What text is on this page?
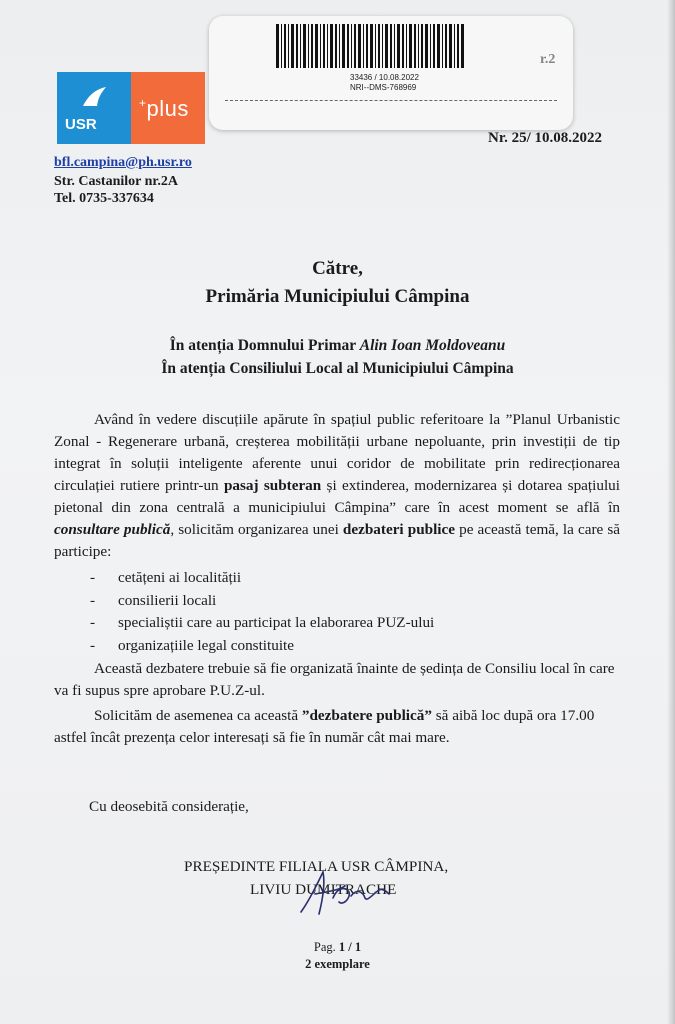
USR
+plus
bfl.campina@ph.usr.ro
Str. Castanilor nr.2A
Tel. 0735-337634
33436 / 10.08.2022
NRI--DMS-768969
r.2
Nr. 25/ 10.08.2022
Către,
Primăria Municipiului Câmpina
În atenția Domnului Primar Alin Ioan Moldoveanu
În atenția Consiliului Local al Municipiului Câmpina
Având în vedere discuțiile apărute în spațiul public referitoare la ”Planul Urbanistic Zonal - Regenerare urbană, creșterea mobilității urbane nepoluante, prin investiții de tip integrat în soluții inteligente aferente unui coridor de mobilitate prin redirecționarea circulației rutiere printr-un pasaj subteran și extinderea, modernizarea și dotarea spațiului pietonal din zona centrală a municipiului Câmpina” care în acest moment se află în consultare publică, solicităm organizarea unei dezbateri publice pe această temă, la care să participe:
- cetățeni ai localității
- consilierii locali
- specialiștii care au participat la elaborarea PUZ-ului
- organizațiile legal constituite
Această dezbatere trebuie să fie organizată înainte de ședința de Consiliu local în care va fi supus spre aprobare P.U.Z-ul.
Solicităm de asemenea ca această ”dezbatere publică” să aibă loc după ora 17.00 astfel încât prezența celor interesați să fie în număr cât mai mare.
Cu deosebită considerație,
PREȘEDINTE FILIALA USR CÂMPINA,
LIVIU DUMITRACHE
Pag. 1 / 1
2 exemplare
